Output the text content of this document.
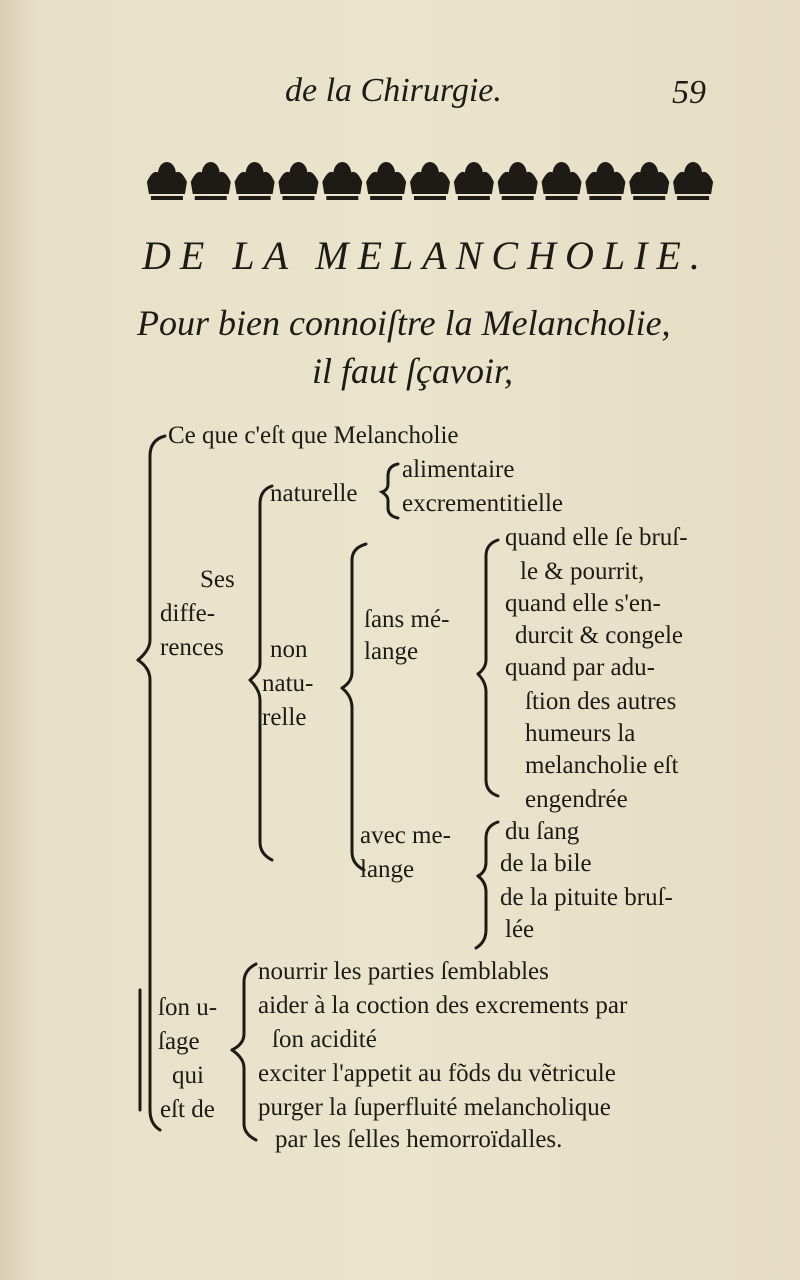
de la Chirurgie.	59
DE LA MELANCHOLIE.
Pour bien connoiſtre la Melancholie,
il faut ſçavoir,
Ce que c'eſt que Melancholie
Ses
diffe-
rences
naturelle
alimentaire
excrementitielle
non
natu-
relle
ſans mé-
lange
quand elle ſe bruſ-
le & pourrit,
quand elle s'en-
durcit & congele
quand par adu-
ſtion des autres
humeurs la
melancholie eſt
engendrée
avec me-
lange
du ſang
de la bile
de la pituite bruſ-
lée
ſon u-
ſage
qui
eſt de
nourrir les parties ſemblables
aider à la coction des excrements par
ſon acidité
exciter l'appetit au fõds du vẽtricule
purger la ſuperfluité melancholique
par les ſelles hemorroïdalles.
